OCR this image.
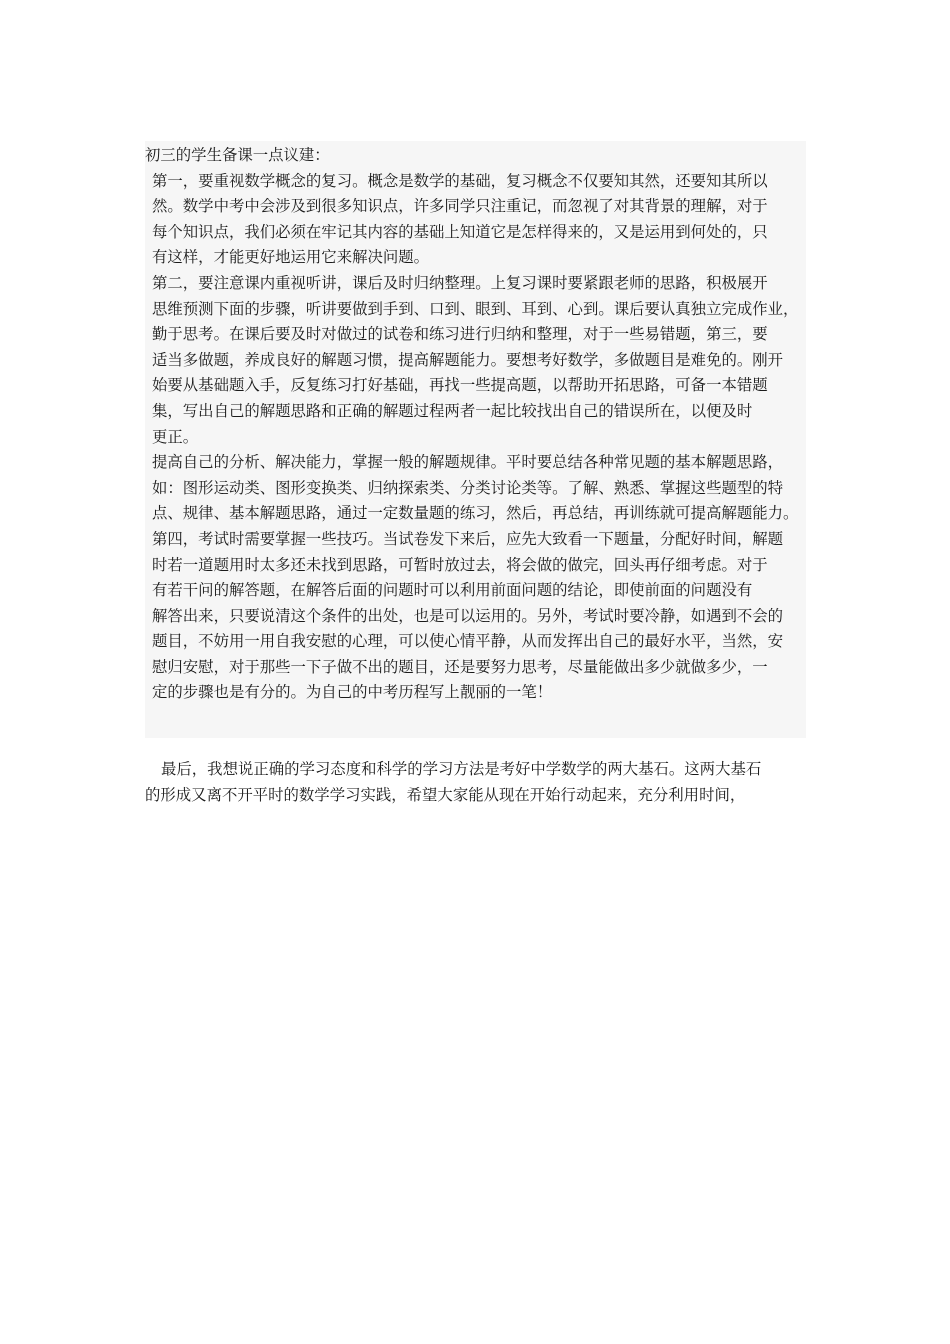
初三的学生备课一点议建：
第一，要重视数学概念的复习。概念是数学的基础，复习概念不仅要知其然，还要知其所以
然。数学中考中会涉及到很多知识点，许多同学只注重记，而忽视了对其背景的理解，对于
每个知识点，我们必须在牢记其内容的基础上知道它是怎样得来的，又是运用到何处的，只
有这样，才能更好地运用它来解决问题。
第二，要注意课内重视听讲，课后及时归纳整理。上复习课时要紧跟老师的思路，积极展开
思维预测下面的步骤，听讲要做到手到、口到、眼到、耳到、心到。课后要认真独立完成作业，
勤于思考。在课后要及时对做过的试卷和练习进行归纳和整理，对于一些易错题，第三，要
适当多做题，养成良好的解题习惯，提高解题能力。要想考好数学，多做题目是难免的。刚开
始要从基础题入手，反复练习打好基础，再找一些提高题，以帮助开拓思路，可备一本错题
集，写出自己的解题思路和正确的解题过程两者一起比较找出自己的错误所在，以便及时
更正。
提高自己的分析、解决能力，掌握一般的解题规律。平时要总结各种常见题的基本解题思路，
如：图形运动类、图形变换类、归纳探索类、分类讨论类等。了解、熟悉、掌握这些题型的特
点、规律、基本解题思路，通过一定数量题的练习，然后，再总结，再训练就可提高解题能力。
第四，考试时需要掌握一些技巧。当试卷发下来后，应先大致看一下题量，分配好时间，解题
时若一道题用时太多还未找到思路，可暂时放过去，将会做的做完，回头再仔细考虑。对于
有若干问的解答题，在解答后面的问题时可以利用前面问题的结论，即使前面的问题没有
解答出来，只要说清这个条件的出处，也是可以运用的。另外，考试时要冷静，如遇到不会的
题目，不妨用一用自我安慰的心理，可以使心情平静，从而发挥出自己的最好水平，当然，安
慰归安慰，对于那些一下子做不出的题目，还是要努力思考，尽量能做出多少就做多少，一
定的步骤也是有分的。为自己的中考历程写上靓丽的一笔！
最后，我想说正确的学习态度和科学的学习方法是考好中学数学的两大基石。这两大基石
的形成又离不开平时的数学学习实践，希望大家能从现在开始行动起来，充分利用时间，
